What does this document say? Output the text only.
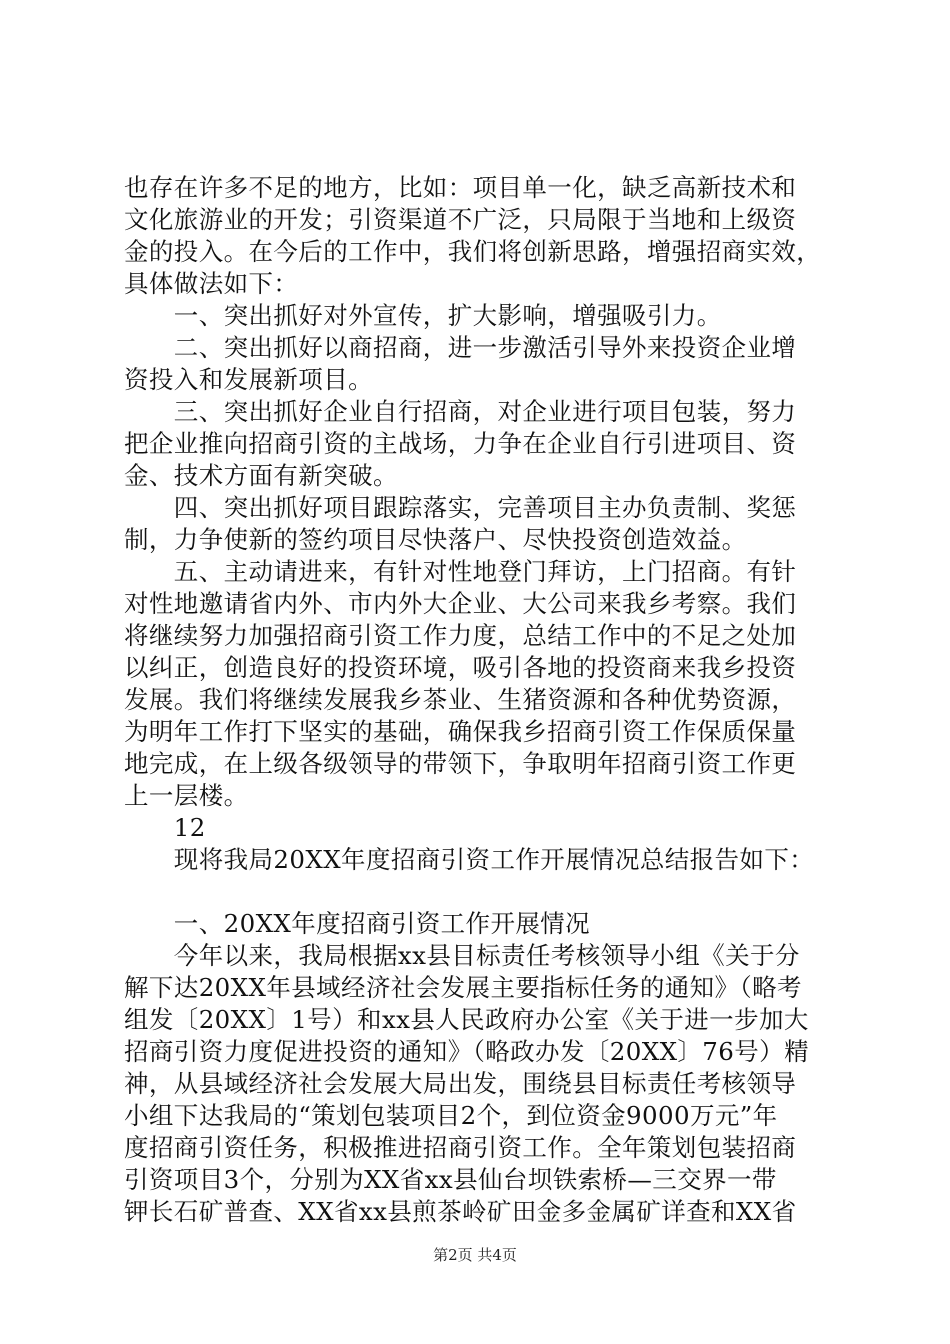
也存在许多不足的地方，比如：项目单一化，缺乏高新技术和
文化旅游业的开发；引资渠道不广泛，只局限于当地和上级资
金的投入。在今后的工作中，我们将创新思路，增强招商实效，
具体做法如下：
　　一、突出抓好对外宣传，扩大影响，增强吸引力。
　　二、突出抓好以商招商，进一步激活引导外来投资企业增
资投入和发展新项目。
　　三、突出抓好企业自行招商，对企业进行项目包装，努力
把企业推向招商引资的主战场，力争在企业自行引进项目、资
金、技术方面有新突破。
　　四、突出抓好项目跟踪落实，完善项目主办负责制、奖惩
制，力争使新的签约项目尽快落户、尽快投资创造效益。
　　五、主动请进来，有针对性地登门拜访，上门招商。有针
对性地邀请省内外、市内外大企业、大公司来我乡考察。我们
将继续努力加强招商引资工作力度，总结工作中的不足之处加
以纠正，创造良好的投资环境，吸引各地的投资商来我乡投资
发展。我们将继续发展我乡茶业、生猪资源和各种优势资源，
为明年工作打下坚实的基础，确保我乡招商引资工作保质保量
地完成，在上级各级领导的带领下，争取明年招商引资工作更
上一层楼。
　　12
　　现将我局20XX年度招商引资工作开展情况总结报告如下：
　　一、20XX年度招商引资工作开展情况
　　今年以来，我局根据xx县目标责任考核领导小组《关于分
解下达20XX年县域经济社会发展主要指标任务的通知》（略考
组发〔20XX〕1号）和xx县人民政府办公室《关于进一步加大
招商引资力度促进投资的通知》（略政办发〔20XX〕76号）精
神，从县域经济社会发展大局出发，围绕县目标责任考核领导
小组下达我局的“策划包装项目2个，到位资金9000万元”年
度招商引资任务，积极推进招商引资工作。全年策划包装招商
引资项目3个，分别为XX省xx县仙台坝铁索桥—三交界一带
钾长石矿普查、XX省xx县煎茶岭矿田金多金属矿详查和XX省
第2页 共4页
